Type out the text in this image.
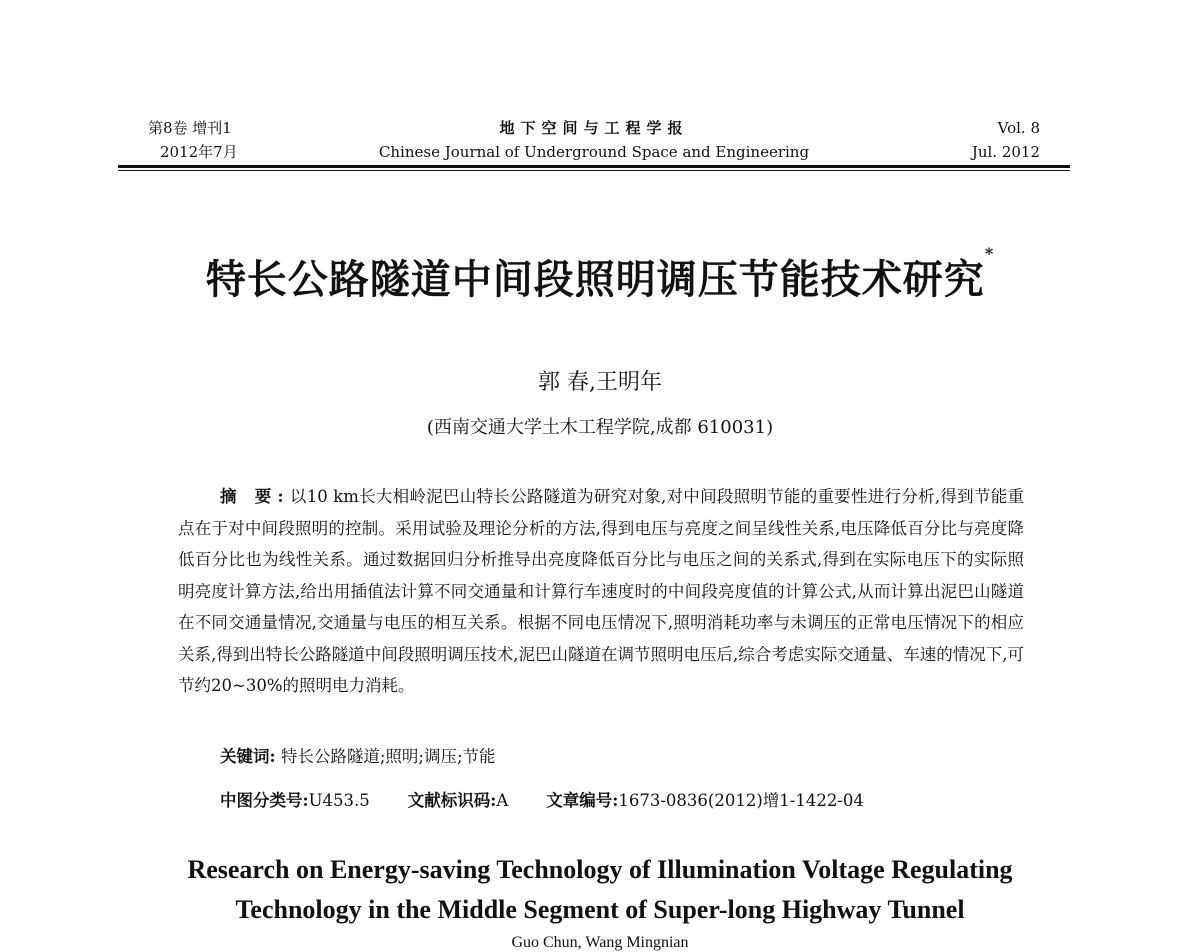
第8卷 增刊1
2012年7月
地下空间与工程学报
Chinese Journal of Underground Space and Engineering
Vol. 8
Jul. 2012
特长公路隧道中间段照明调压节能技术研究*
郭 春,王明年
(西南交通大学土木工程学院,成都 610031)

摘 要:以10 km长大相岭泥巴山特长公路隧道为研究对象,对中间段照明节能的重要性进行分析,得到节能重点在于对中间段照明的控制。采用试验及理论分析的方法,得到电压与亮度之间呈线性关系,电压降低百分比与亮度降低百分比也为线性关系。通过数据回归分析推导出亮度降低百分比与电压之间的关系式,得到在实际电压下的实际照明亮度计算方法,给出用插值法计算不同交通量和计算行车速度时的中间段亮度值的计算公式,从而计算出泥巴山隧道在不同交通量情况,交通量与电压的相互关系。根据不同电压情况下,照明消耗功率与未调压的正常电压情况下的相应关系,得到出特长公路隧道中间段照明调压技术,泥巴山隧道在调节照明电压后,综合考虑实际交通量、车速的情况下,可节约20~30%的照明电力消耗。

关键词: 特长公路隧道;照明;调压;节能
中图分类号:U453.5 文献标识码:A 文章编号:1673-0836(2012)增1-1422-04
Research on Energy-saving Technology of Illumination Voltage Regulating
Technology in the Middle Segment of Super-long Highway Tunnel
Guo Chun, Wang Mingnian
